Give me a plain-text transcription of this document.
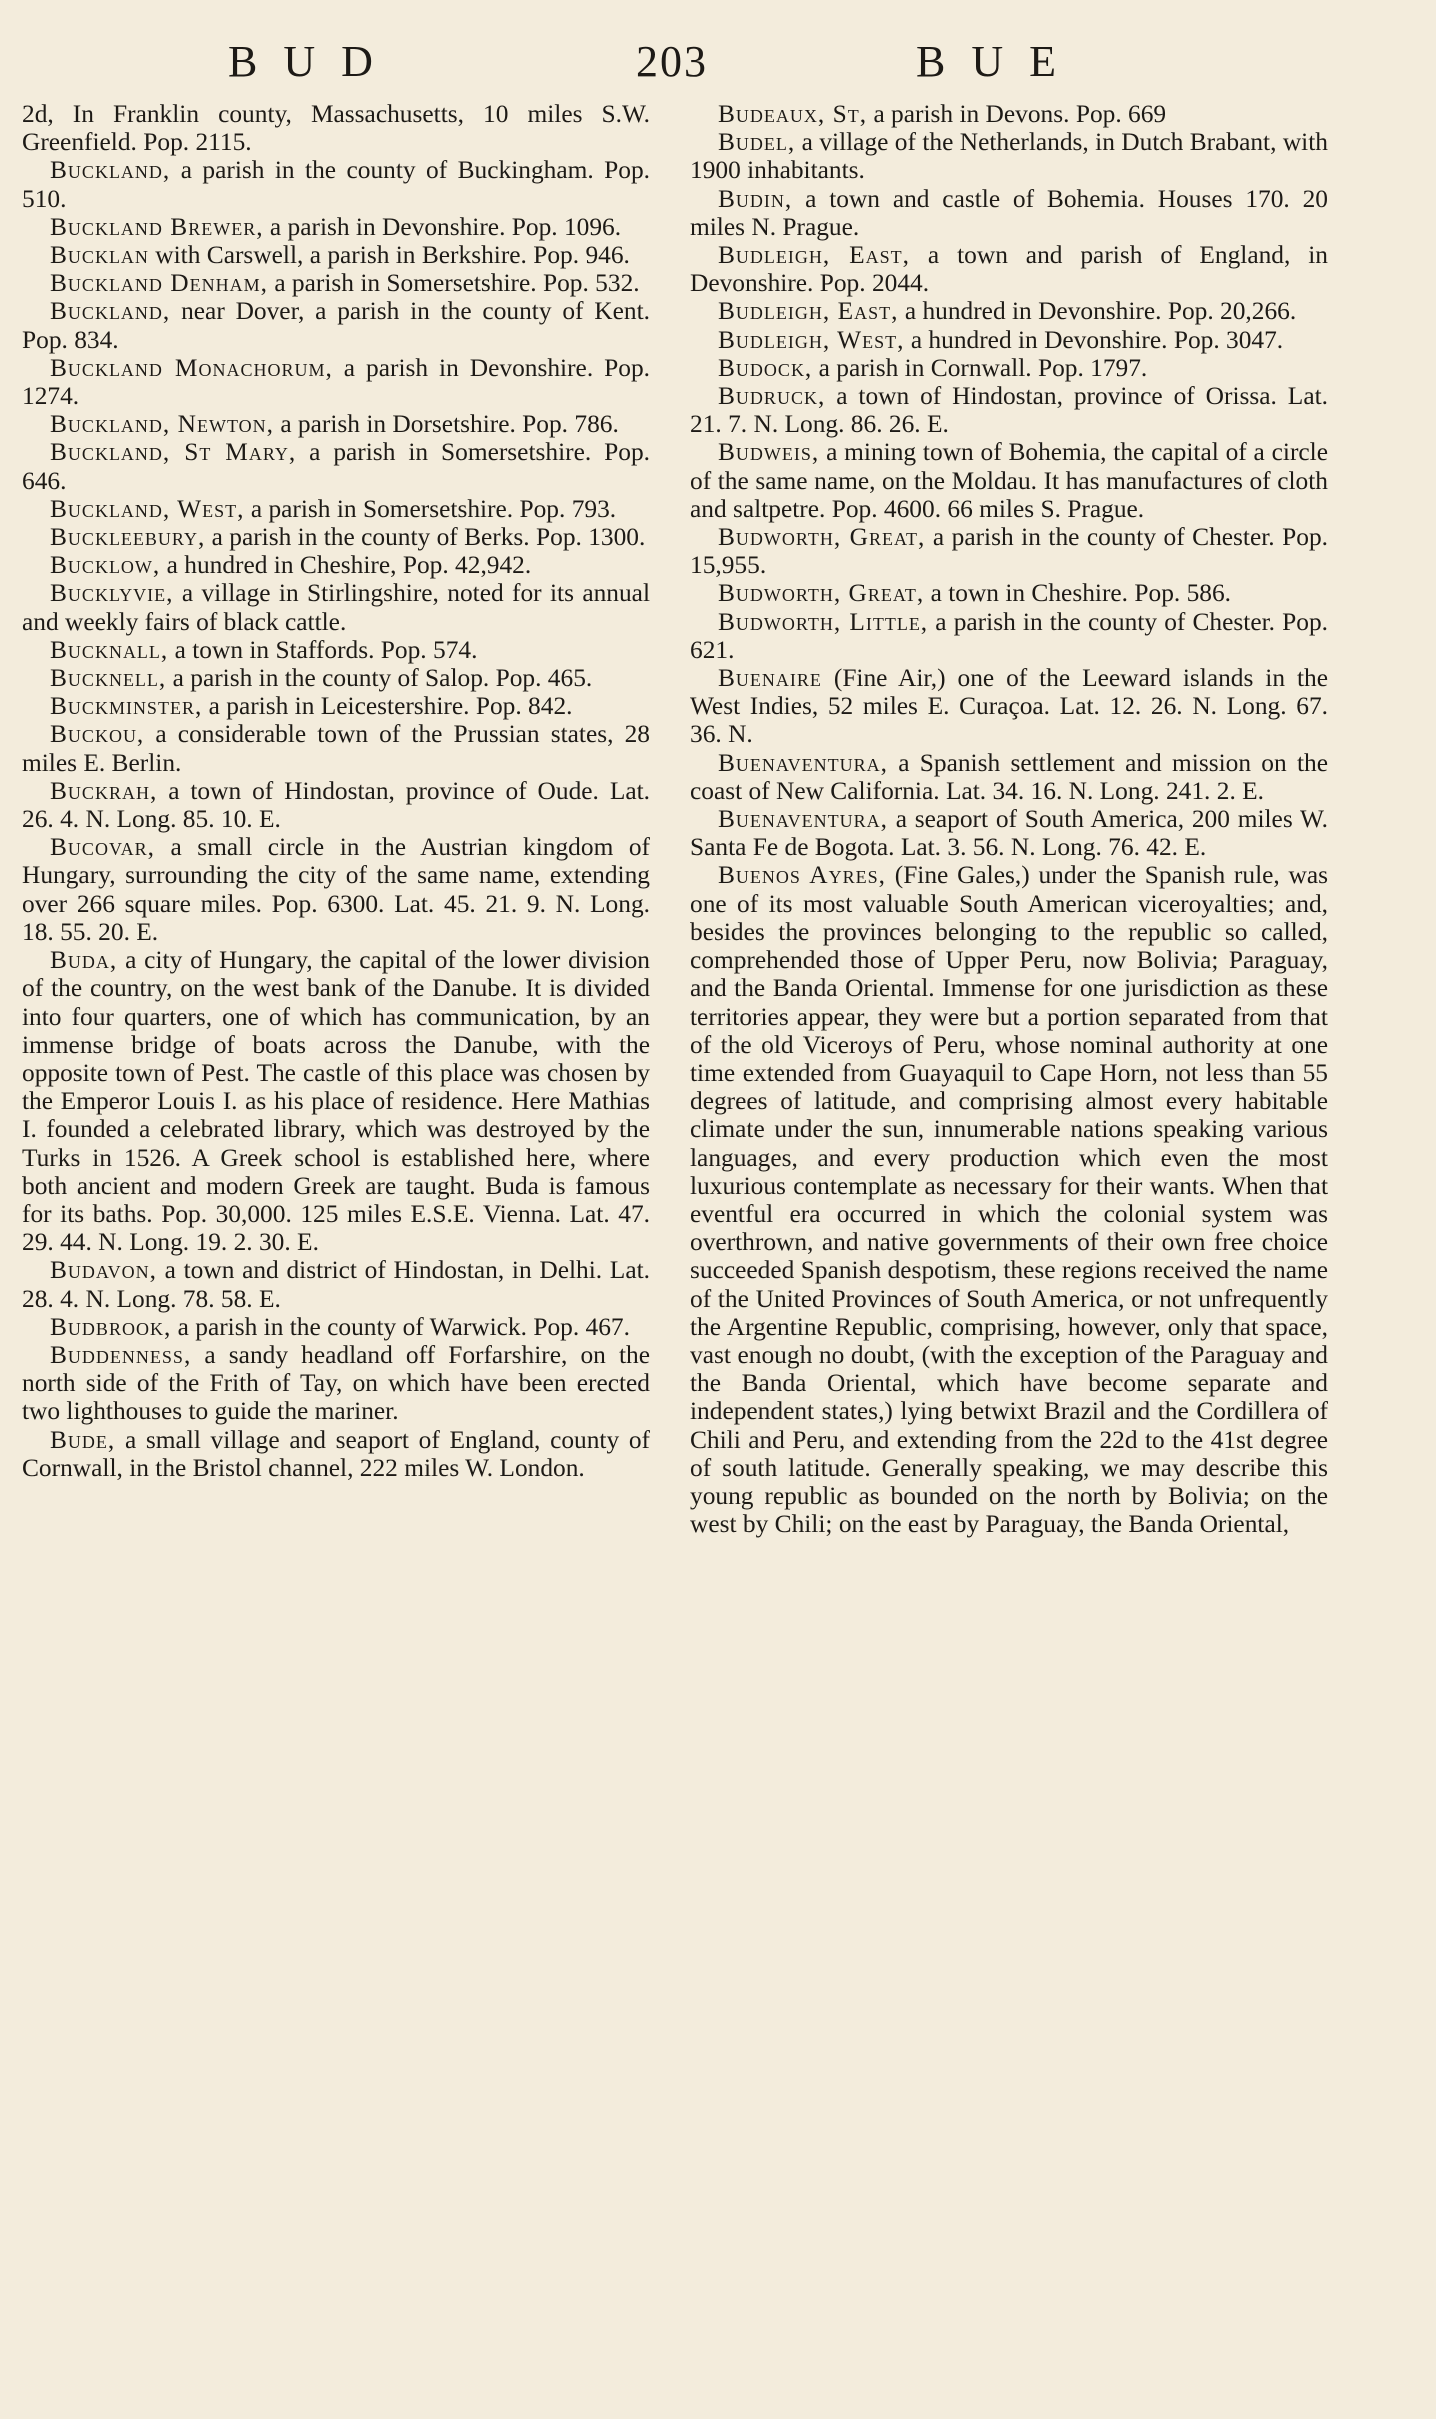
BUD	203	BUE

2d, In Franklin county, Massachusetts, 10 miles S.W. Greenfield. Pop. 2115.

Buckland, a parish in the county of Buckingham. Pop. 510.

Buckland Brewer, a parish in Devonshire. Pop. 1096.

Bucklan with Carswell, a parish in Berkshire. Pop. 946.

Buckland Denham, a parish in Somersetshire. Pop. 532.

Buckland, near Dover, a parish in the county of Kent. Pop. 834.

Buckland Monachorum, a parish in Devonshire. Pop. 1274.

Buckland, Newton, a parish in Dorsetshire. Pop. 786.

Buckland, St Mary, a parish in Somersetshire. Pop. 646.

Buckland, West, a parish in Somersetshire. Pop. 793.

Buckleebury, a parish in the county of Berks. Pop. 1300.

Bucklow, a hundred in Cheshire, Pop. 42,942.

Bucklyvie, a village in Stirlingshire, noted for its annual and weekly fairs of black cattle.

Bucknall, a town in Staffords. Pop. 574.

Bucknell, a parish in the county of Salop. Pop. 465.

Buckminster, a parish in Leicestershire. Pop. 842.

Buckou, a considerable town of the Prussian states, 28 miles E. Berlin.

Buckrah, a town of Hindostan, province of Oude. Lat. 26. 4. N. Long. 85. 10. E.

Bucovar, a small circle in the Austrian kingdom of Hungary, surrounding the city of the same name, extending over 266 square miles. Pop. 6300. Lat. 45. 21. 9. N. Long. 18. 55. 20. E.

Buda, a city of Hungary, the capital of the lower division of the country, on the west bank of the Danube. It is divided into four quarters, one of which has communication, by an immense bridge of boats across the Danube, with the opposite town of Pest. The castle of this place was chosen by the Emperor Louis I. as his place of residence. Here Mathias I. founded a celebrated library, which was destroyed by the Turks in 1526. A Greek school is established here, where both ancient and modern Greek are taught. Buda is famous for its baths. Pop. 30,000. 125 miles E.S.E. Vienna. Lat. 47. 29. 44. N. Long. 19. 2. 30. E.

Budavon, a town and district of Hindostan, in Delhi. Lat. 28. 4. N. Long. 78. 58. E.

Budbrook, a parish in the county of Warwick. Pop. 467.

Buddenness, a sandy headland off Forfarshire, on the north side of the Frith of Tay, on which have been erected two lighthouses to guide the mariner.

Bude, a small village and seaport of England, county of Cornwall, in the Bristol channel, 222 miles W. London.

Budeaux, St, a parish in Devons. Pop. 669

Budel, a village of the Netherlands, in Dutch Brabant, with 1900 inhabitants.

Budin, a town and castle of Bohemia. Houses 170. 20 miles N. Prague.

Budleigh, East, a town and parish of England, in Devonshire. Pop. 2044.

Budleigh, East, a hundred in Devonshire. Pop. 20,266.

Budleigh, West, a hundred in Devonshire. Pop. 3047.

Budock, a parish in Cornwall. Pop. 1797.

Budruck, a town of Hindostan, province of Orissa. Lat. 21. 7. N. Long. 86. 26. E.

Budweis, a mining town of Bohemia, the capital of a circle of the same name, on the Moldau. It has manufactures of cloth and saltpetre. Pop. 4600. 66 miles S. Prague.

Budworth, Great, a parish in the county of Chester. Pop. 15,955.

Budworth, Great, a town in Cheshire. Pop. 586.

Budworth, Little, a parish in the county of Chester. Pop. 621.

Buenaire (Fine Air,) one of the Leeward islands in the West Indies, 52 miles E. Curaçoa. Lat. 12. 26. N. Long. 67. 36. N.

Buenaventura, a Spanish settlement and mission on the coast of New California. Lat. 34. 16. N. Long. 241. 2. E.

Buenaventura, a seaport of South America, 200 miles W. Santa Fe de Bogota. Lat. 3. 56. N. Long. 76. 42. E.

Buenos Ayres, (Fine Gales,) under the Spanish rule, was one of its most valuable South American viceroyalties; and, besides the provinces belonging to the republic so called, comprehended those of Upper Peru, now Bolivia; Paraguay, and the Banda Oriental. Immense for one jurisdiction as these territories appear, they were but a portion separated from that of the old Viceroys of Peru, whose nominal authority at one time extended from Guayaquil to Cape Horn, not less than 55 degrees of latitude, and comprising almost every habitable climate under the sun, innumerable nations speaking various languages, and every production which even the most luxurious contemplate as necessary for their wants. When that eventful era occurred in which the colonial system was overthrown, and native governments of their own free choice succeeded Spanish despotism, these regions received the name of the United Provinces of South America, or not unfrequently the Argentine Republic, comprising, however, only that space, vast enough no doubt, (with the exception of the Paraguay and the Banda Oriental, which have become separate and independent states,) lying betwixt Brazil and the Cordillera of Chili and Peru, and extending from the 22d to the 41st degree of south latitude. Generally speaking, we may describe this young republic as bounded on the north by Bolivia; on the west by Chili; on the east by Paraguay, the Banda Oriental,
